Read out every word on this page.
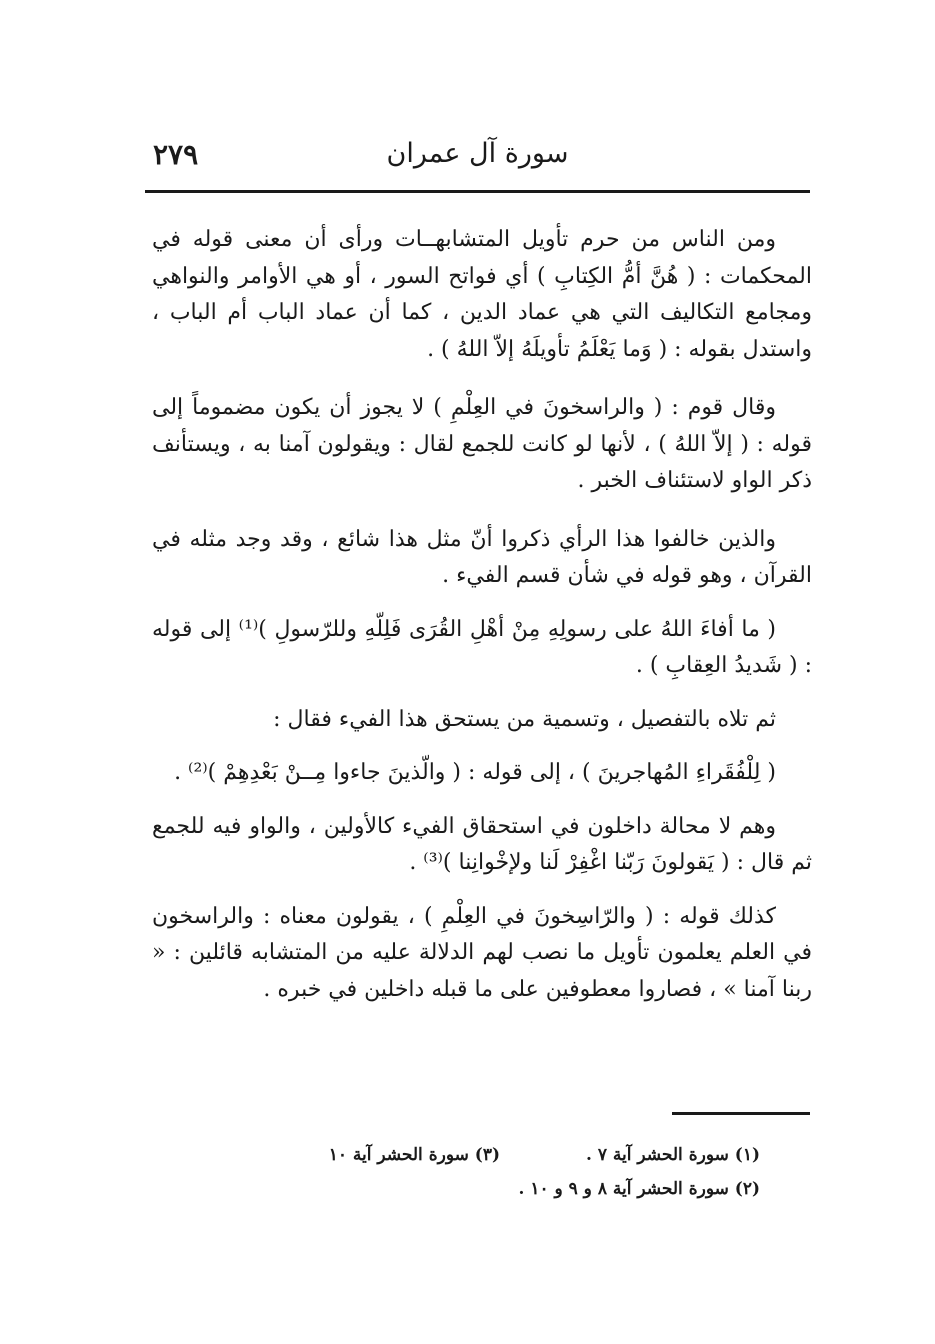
٢٧٩	سورة آل عمران

ومن الناس من حرم تأويل المتشابهــات ورأى أن معنى قوله في المحكمات : ( هُنَّ أمُّ الكِتابِ ) أي فواتح السور ، أو هي الأوامر والنواهي ومجامع التكاليف التي هي عماد الدين ، كما أن عماد الباب أم الباب ، واستدل بقوله : ( وَما يَعْلَمُ تأويلَهُ إلاّ اللهُ ) .

وقال قوم : ( والراسخونَ في العِلْمِ ) لا يجوز أن يكون مضموماً إلى قوله : ( إلاّ اللهُ ) ، لأنها لو كانت للجمع لقال : ويقولون آمنا به ، ويستأنف ذكر الواو لاستئناف الخبر .

والذين خالفوا هذا الرأي ذكروا أنّ مثل هذا شائع ، وقد وجد مثله في القرآن ، وهو قوله في شأن قسم الفيء .

( ما أفاءَ اللهُ على رسولِهِ مِنْ أهْلِ القُرَى فَلِلّهِ وللرّسولِ )⁽¹⁾ إلى قوله : ( شَديدُ العِقابِ ) .

ثم تلاه بالتفصيل ، وتسمية من يستحق هذا الفيء فقال :

( لِلْفُقَراءِ المُهاجرينَ ) ، إلى قوله : ( والّذينَ جاءوا مِــنْ بَعْدِهِمْ )⁽²⁾ .

وهم لا محالة داخلون في استحقاق الفيء كالأولين ، والواو فيه للجمع ثم قال : ( يَقولونَ رَبّنا اغْفِرْ لَنا ولإخْوانِنا )⁽³⁾ .

كذلك قوله : ( والرّاسِخونَ في العِلْمِ ) ، يقولون معناه : والراسخون في العلم يعلمون تأويل ما نصب لهم الدلالة عليه من المتشابه قائلين : « ربنا آمنا » ، فصاروا معطوفين على ما قبله داخلين في خبره .

(١) سورة الحشر آية ٧ .
(٣) سورة الحشر آية ١٠
(٢) سورة الحشر آية ٨ و ٩ و ١٠ .
